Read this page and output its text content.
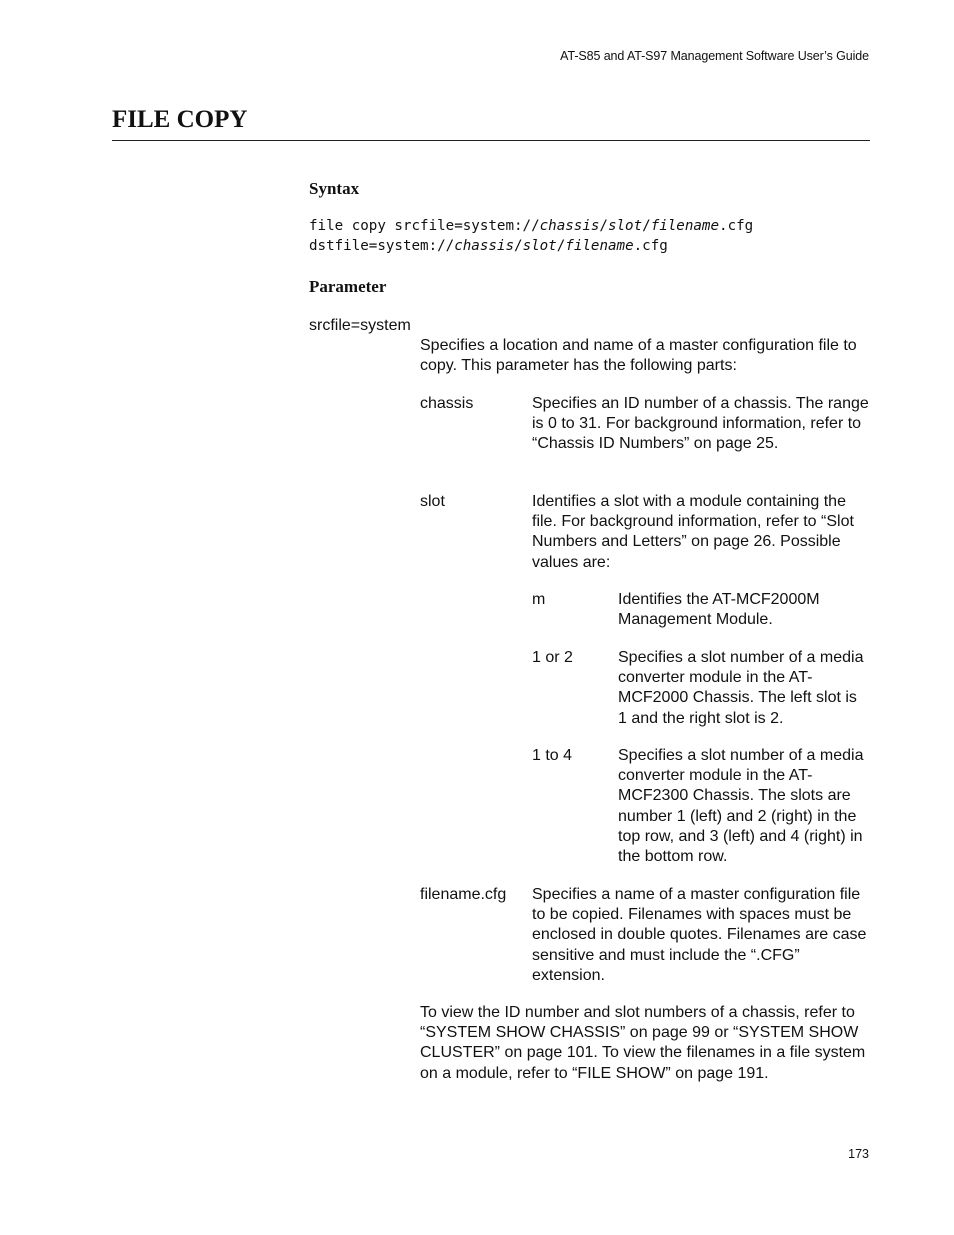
AT-S85 and AT-S97 Management Software User’s Guide
FILE COPY
Syntax
file copy srcfile=system://chassis/slot/filename.cfg
dstfile=system://chassis/slot/filename.cfg
Parameter
srcfile=system
Specifies a location and name of a master configuration file to copy. This parameter has the following parts:
chassis	Specifies an ID number of a chassis. The range is 0 to 31. For background information, refer to “Chassis ID Numbers” on page 25.
slot	Identifies a slot with a module containing the file. For background information, refer to “Slot Numbers and Letters” on page 26. Possible values are:
m	Identifies the AT-MCF2000M Management Module.
1 or 2	Specifies a slot number of a media converter module in the AT-MCF2000 Chassis. The left slot is 1 and the right slot is 2.
1 to 4	Specifies a slot number of a media converter module in the AT-MCF2300 Chassis. The slots are number 1 (left) and 2 (right) in the top row, and 3 (left) and 4 (right) in the bottom row.
filename.cfg Specifies a name of a master configuration file to be copied. Filenames with spaces must be enclosed in double quotes. Filenames are case sensitive and must include the “.CFG” extension.
To view the ID number and slot numbers of a chassis, refer to “SYSTEM SHOW CHASSIS” on page 99 or “SYSTEM SHOW CLUSTER” on page 101. To view the filenames in a file system on a module, refer to “FILE SHOW” on page 191.
173
